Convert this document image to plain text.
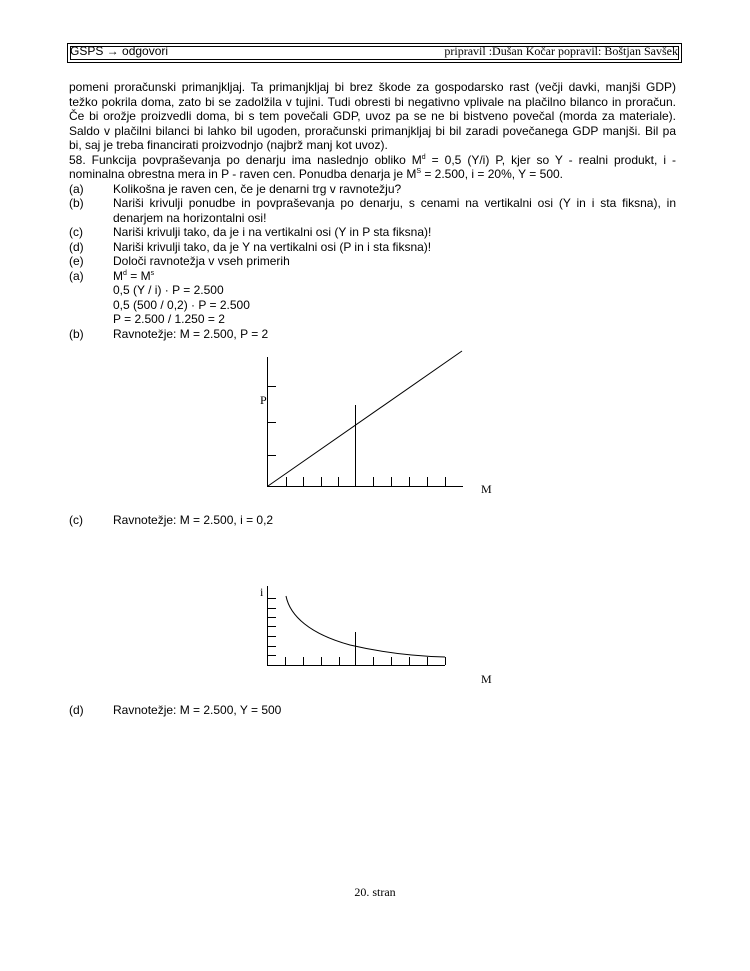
GSPS → odgovori	pripravil :Dušan Kočar popravil: Boštjan Savšek
pomeni proračunski primanjkljaj. Ta primanjkljaj bi brez škode za gospodarsko rast (večji davki, manjši GDP)
težko pokrila doma, zato bi se zadolžila v tujini. Tudi obresti bi negativno vplivale na plačilno bilanco in proračun.
Če bi orožje proizvedli doma, bi s tem povečali GDP, uvoz pa se ne bi bistveno povečal (morda za materiale).
Saldo v plačilni bilanci bi lahko bil ugoden, proračunski primanjkljaj bi bil zaradi povečanega GDP manjši. Bil pa
bi, saj je treba financirati proizvodnjo (najbrž manj kot uvoz).
58. Funkcija povpraševanja po denarju ima naslednjo obliko $M^d = 0,5$ (Y/i) P, kjer so Y - realni produkt, i -
nominalna obrestna mera in P - raven cen. Ponudba denarja je $M^S = 2.500$, i = 20%, Y = 500.
(a) Kolikošna je raven cen, če je denarni trg v ravnotežju?
(b) Nariši krivulji ponudbe in povpraševanja po denarju, s cenami na vertikalni osi (Y in i sta fiksna), in
denarjem na horizontalni osi!
(c)	Nariši krivulji tako, da je i na vertikalni osi (Y in P sta fiksna)!
(d) Nariši krivulji tako, da je Y na vertikalni osi (P in i sta fiksna)!
(e) Določi ravnotežja v vseh primerih
(a) $M^d = M^s$
0,5 (Y / i) · P = 2.500
0,5 (500 / 0,2) · P = 2.500
P = 2.500 / 1.250 = 2
(b) Ravnotežje: M = 2.500, P = 2
P
M
(c)	Ravnotežje: M = 2.500, i = 0,2
i
M
(d) Ravnotežje: M = 2.500, Y = 500
20. stran
